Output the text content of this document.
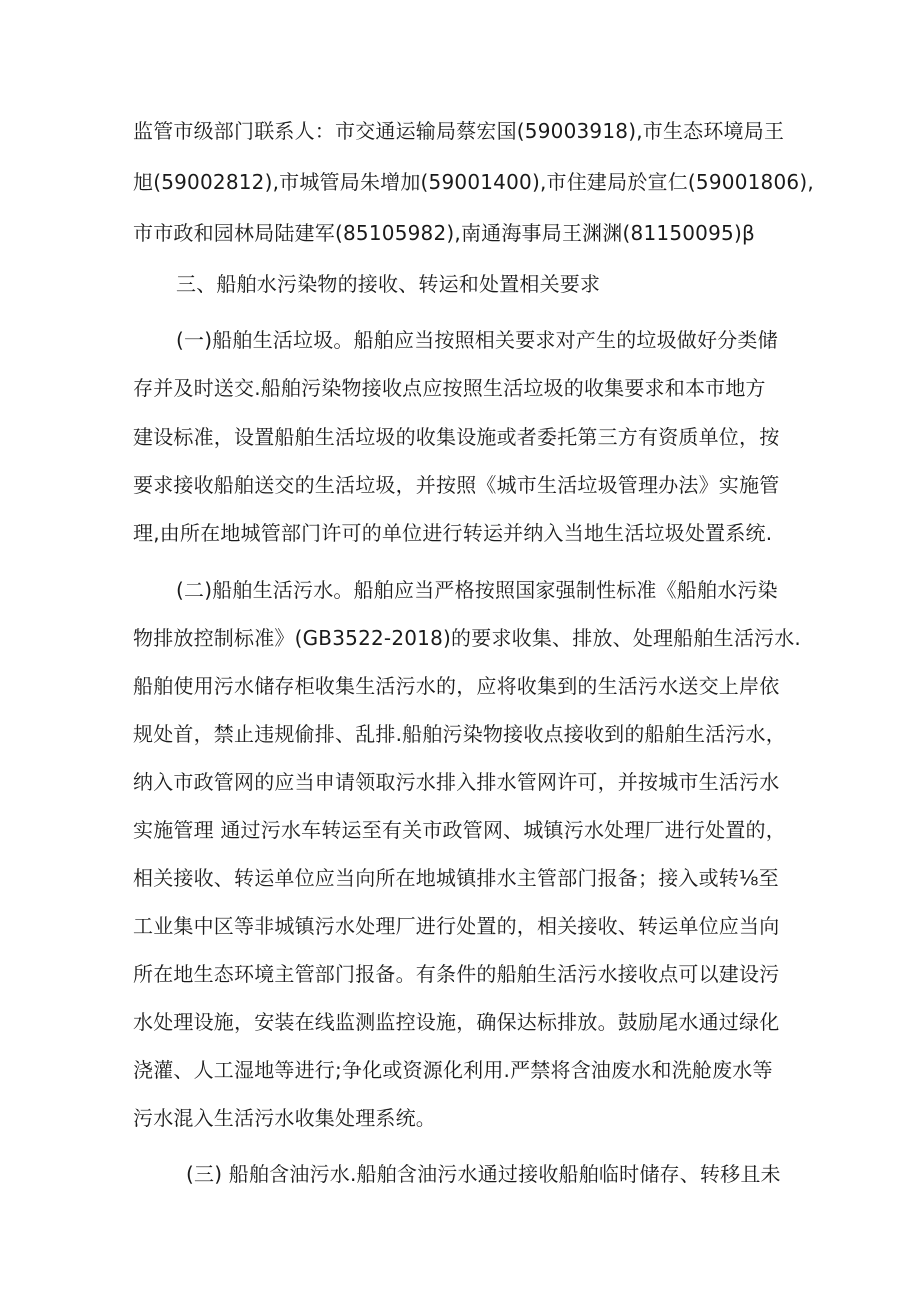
监管市级部门联系人：市交通运输局蔡宏国(59003918),市生态环境局王
旭(59002812),市城管局朱增加(59001400),市住建局於宣仁(59001806),
市市政和园林局陆建军(85105982),南通海事局王渊渊(81150095)β
三、船舶水污染物的接收、转运和处置相关要求
(一)船舶生活垃圾。船舶应当按照相关要求对产生的垃圾做好分类储
存并及时送交.船舶污染物接收点应按照生活垃圾的收集要求和本市地方
建设标准，设置船舶生活垃圾的收集设施或者委托第三方有资质单位，按
要求接收船舶送交的生活垃圾，并按照《城市生活垃圾管理办法》实施管
理,由所在地城管部门许可的单位进行转运并纳入当地生活垃圾处置系统.
(二)船舶生活污水。船舶应当严格按照国家强制性标准《船舶水污染
物排放控制标准》(GB3522-2018)的要求收集、排放、处理船舶生活污水.
船舶使用污水储存柜收集生活污水的，应将收集到的生活污水送交上岸依
规处首，禁止违规偷排、乱排.船舶污染物接收点接收到的船舶生活污水，
纳入市政管网的应当申请领取污水排入排水管网许可，并按城市生活污水
实施管理 通过污水车转运至有关市政管网、城镇污水处理厂进行处置的，
相关接收、转运单位应当向所在地城镇排水主管部门报备；接入或转⅛至
工业集中区等非城镇污水处理厂进行处置的，相关接收、转运单位应当向
所在地生态环境主管部门报备。有条件的船舶生活污水接收点可以建设污
水处理设施，安装在线监测监控设施，确保达标排放。鼓励尾水通过绿化
浇灌、人工湿地等进行;争化或资源化利用.严禁将含油废水和洗舱废水等
污水混入生活污水收集处理系统。
(三) 船舶含油污水.船舶含油污水通过接收船舶临时储存、转移且未
